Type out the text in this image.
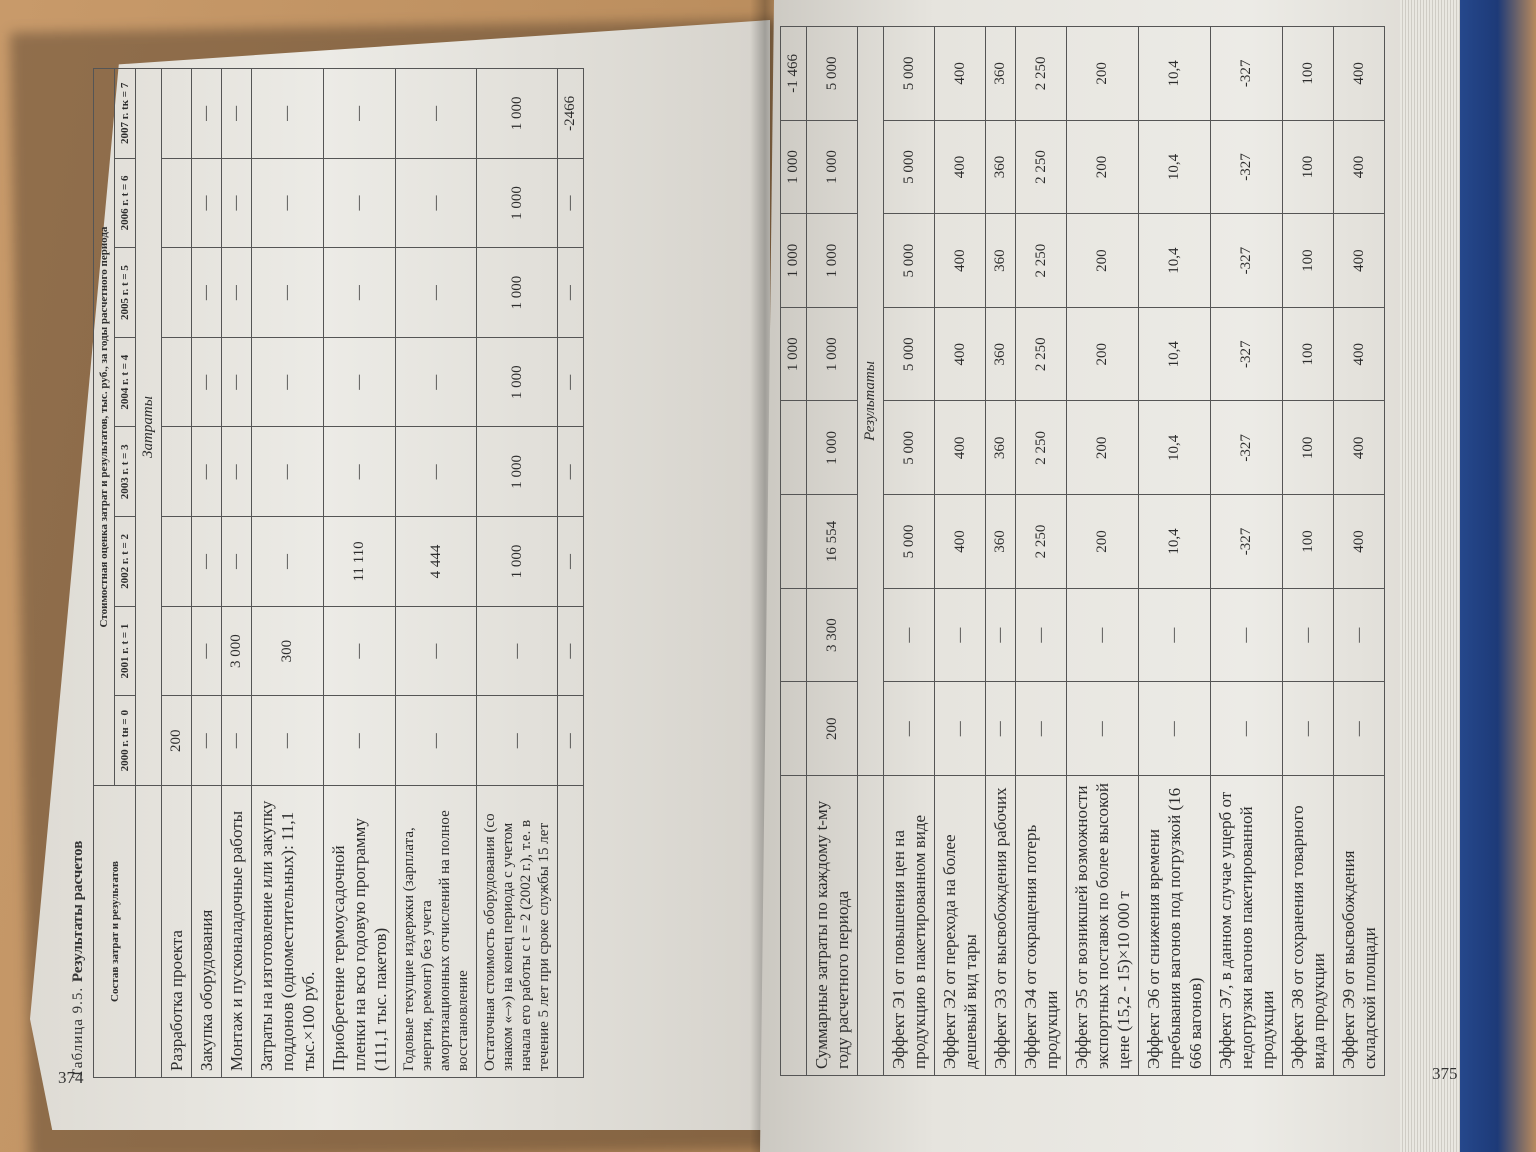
Таблица 9.5. Результаты расчетов Состав затрат и результатов	Стоимостная оценка затрат и результатов, тыс. руб., за годы расчетного периода							
	2000 г. tн = 0	2001 г. t = 1	2002 г. t = 2	2003 г. t = 3	2004 г. t = 4	2005 г. t = 5	2006 г. t = 6	2007 г. tк = 7
	Затраты							
Разработка проекта	200							
Закупка оборудования	—	—	—	—	—	—	—	—
Монтаж и пусконаладочные работы	—	3 000	—	—	—	—	—	—
Затраты на изготовление или закупку поддонов (одноместительных): 11,1 тыс.×100 руб.	—	300	—	—	—	—	—	—
Приобретение термоусадочной пленки на всю годовую программу (111,1 тыс. пакетов)	—	—	11 110	—	—	—	—	—
Годовые текущие издержки (зарплата, энергия, ремонт) без учета амортизационных отчислений на полное восстановление	—	—	4 444	—	—	—	—	—
Остаточная стоимость оборудования (со знаком «–») на конец периода с учетом начала его работы с t = 2 (2002 г.), т.е. в течение 5 лет при сроке службы 15 лет	—	—	1 000	1 000	1 000	1 000	1 000	1 000
	—	—	—	—	—	—	—	-2466
374
					1 000	1 000	1 000	-1 466
Суммарные затраты по каждому t-му году расчетного периода	200	3 300	16 554	1 000	1 000	1 000	1 000	5 000
	Результаты							
Эффект Э1 от повышения цен на продукцию в пакетированном виде	—	—	5 000	5 000	5 000	5 000	5 000	5 000
Эффект Э2 от перехода на более дешевый вид тары	—	—	400	400	400	400	400	400
Эффект Э3 от высвобождения рабочих	—	—	360	360	360	360	360	360
Эффект Э4 от сокращения потерь продукции	—	—	2 250	2 250	2 250	2 250	2 250	2 250
Эффект Э5 от возникшей возможности экспортных поставок по более высокой цене (15,2 - 15)×10 000 т	—	—	200	200	200	200	200	200
Эффект Э6 от снижения времени пребывания вагонов под погрузкой (16 666 вагонов)	—	—	10,4	10,4	10,4	10,4	10,4	10,4
Эффект Э7, в данном случае ущерб от недогрузки вагонов пакетированной продукции	—	—	-327	-327	-327	-327	-327	-327
Эффект Э8 от сохранения товарного вида продукции	—	—	100	100	100	100	100	100
Эффект Э9 от высвобождения складской площади	—	—	400	400	400	400	400	400
375
